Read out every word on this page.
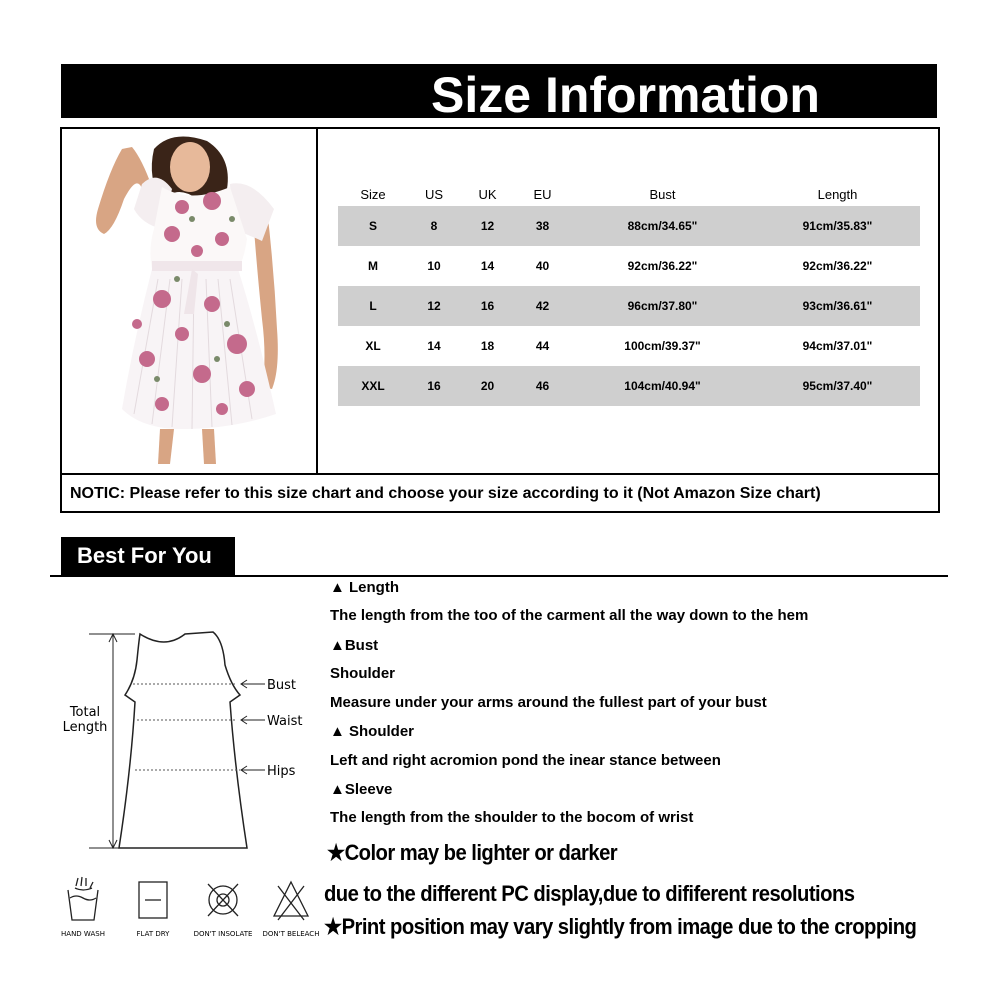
Size Information
NOTIC: Please refer to this size chart and choose your size according to it (Not Amazon Size chart)
Size	US	UK	EU	Bust	Length
S	8	12	38	88cm/34.65"	91cm/35.83"
M	10	14	40	92cm/36.22"	92cm/36.22"
L	12	16	42	96cm/37.80"	93cm/36.61"
XL	14	18	44	100cm/39.37"	94cm/37.01"
XXL	16	20	46	104cm/40.94"	95cm/37.40"
Best For You
▲ Length
The length from the too of the carment all the way down to the hem
▲Bust
Shoulder
Measure under your arms around the fullest part of your bust
▲ Shoulder
Left and right acromion pond the inear stance between
▲Sleeve
The length from the shoulder to the bocom of wrist
★Color may be lighter or darker
due to the different PC display,due to dififerent resolutions
★Print position may vary slightly from image due to the cropping
Total
Length
Bust
Waist
Hips
HAND WASH	FLAT DRY	DON'T INSOLATE	DON'T BELEACH
